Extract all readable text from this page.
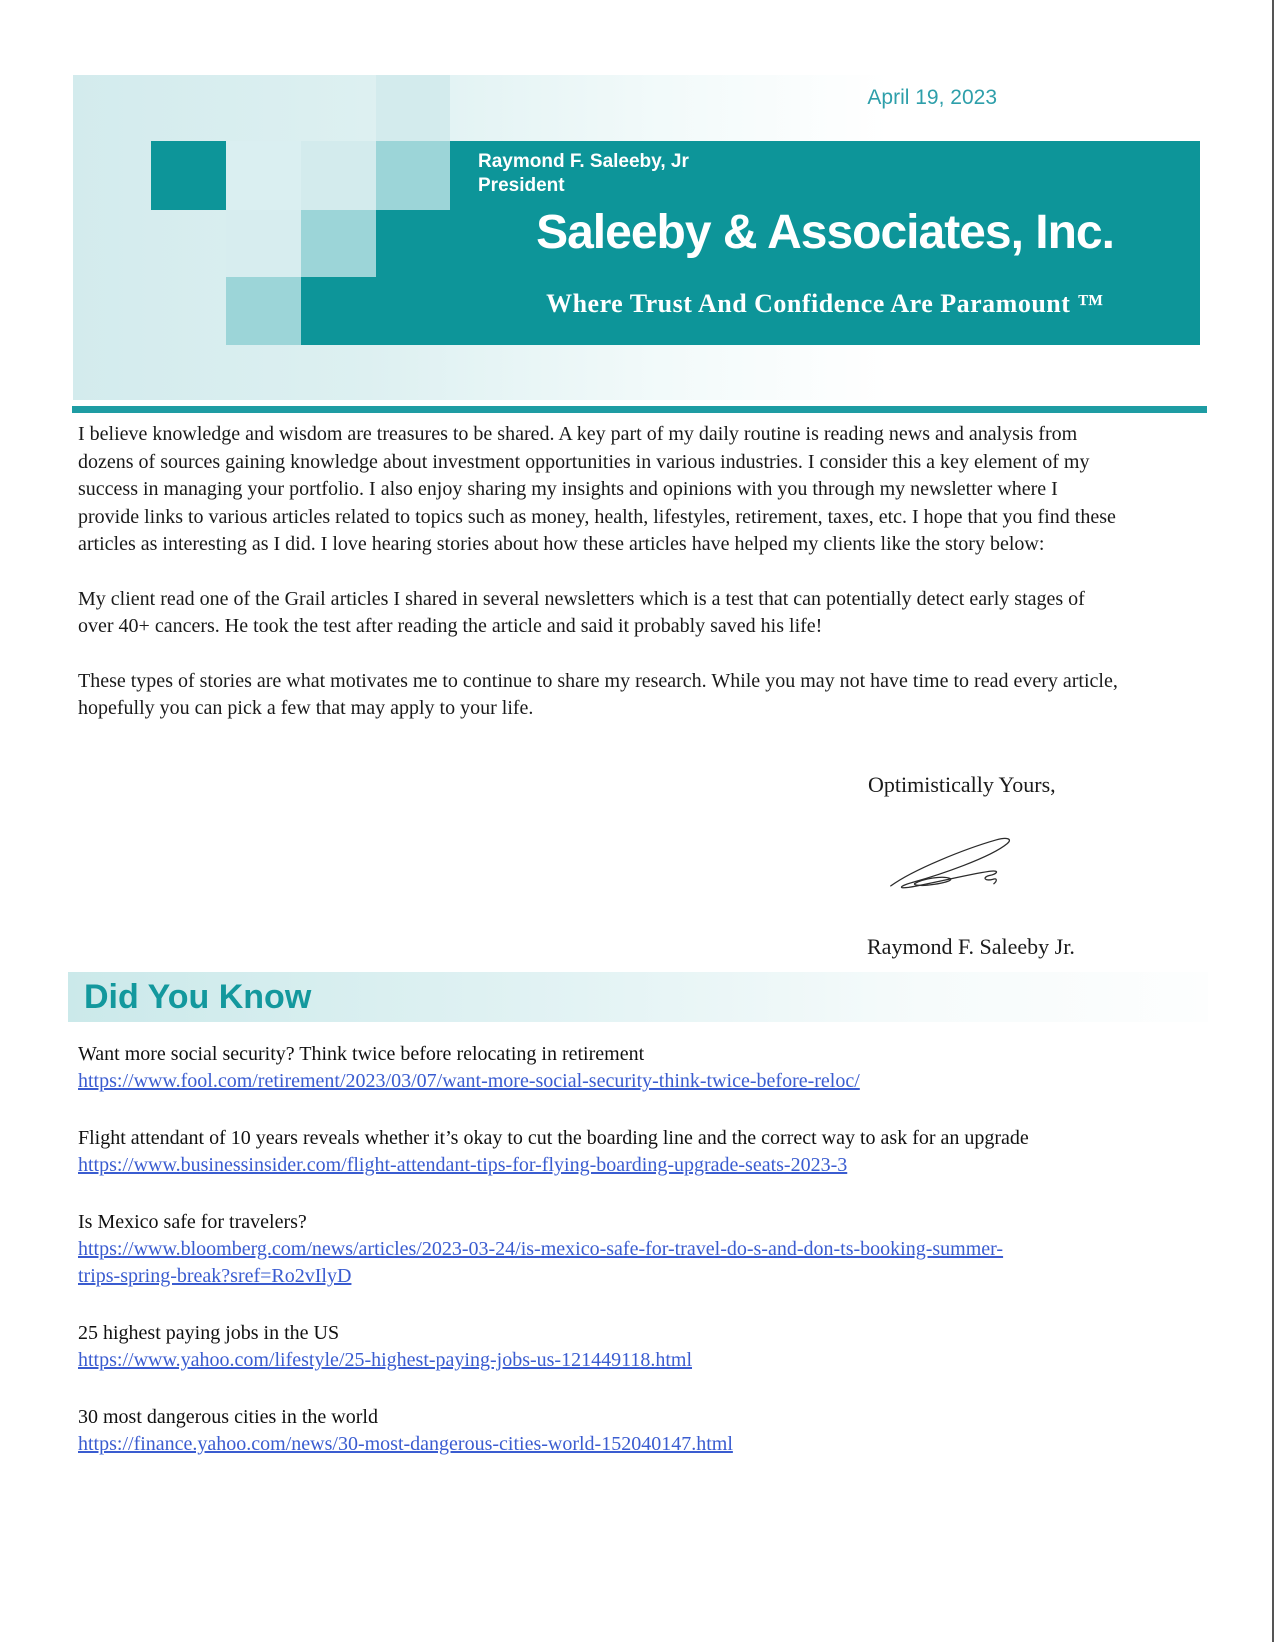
April 19, 2023
Raymond F. Saleeby, Jr
President
Saleeby & Associates, Inc.
Where Trust And Confidence Are Paramount ™

I believe knowledge and wisdom are treasures to be shared. A key part of my daily routine is reading news and analysis from dozens of sources gaining knowledge about investment opportunities in various industries. I consider this a key element of my success in managing your portfolio. I also enjoy sharing my insights and opinions with you through my newsletter where I provide links to various articles related to topics such as money, health, lifestyles, retirement, taxes, etc. I hope that you find these articles as interesting as I did. I love hearing stories about how these articles have helped my clients like the story below:

My client read one of the Grail articles I shared in several newsletters which is a test that can potentially detect early stages of over 40+ cancers. He took the test after reading the article and said it probably saved his life!

These types of stories are what motivates me to continue to share my research. While you may not have time to read every article, hopefully you can pick a few that may apply to your life.

Optimistically Yours,
Raymond F. Saleeby Jr.
Did You Know
Want more social security? Think twice before relocating in retirement
https://www.fool.com/retirement/2023/03/07/want-more-social-security-think-twice-before-reloc/
Flight attendant of 10 years reveals whether it’s okay to cut the boarding line and the correct way to ask for an upgrade
https://www.businessinsider.com/flight-attendant-tips-for-flying-boarding-upgrade-seats-2023-3
Is Mexico safe for travelers?
https://www.bloomberg.com/news/articles/2023-03-24/is-mexico-safe-for-travel-do-s-and-don-ts-booking-summer-trips-spring-break?sref=Ro2vIlyD
25 highest paying jobs in the US
https://www.yahoo.com/lifestyle/25-highest-paying-jobs-us-121449118.html
30 most dangerous cities in the world
https://finance.yahoo.com/news/30-most-dangerous-cities-world-152040147.html
